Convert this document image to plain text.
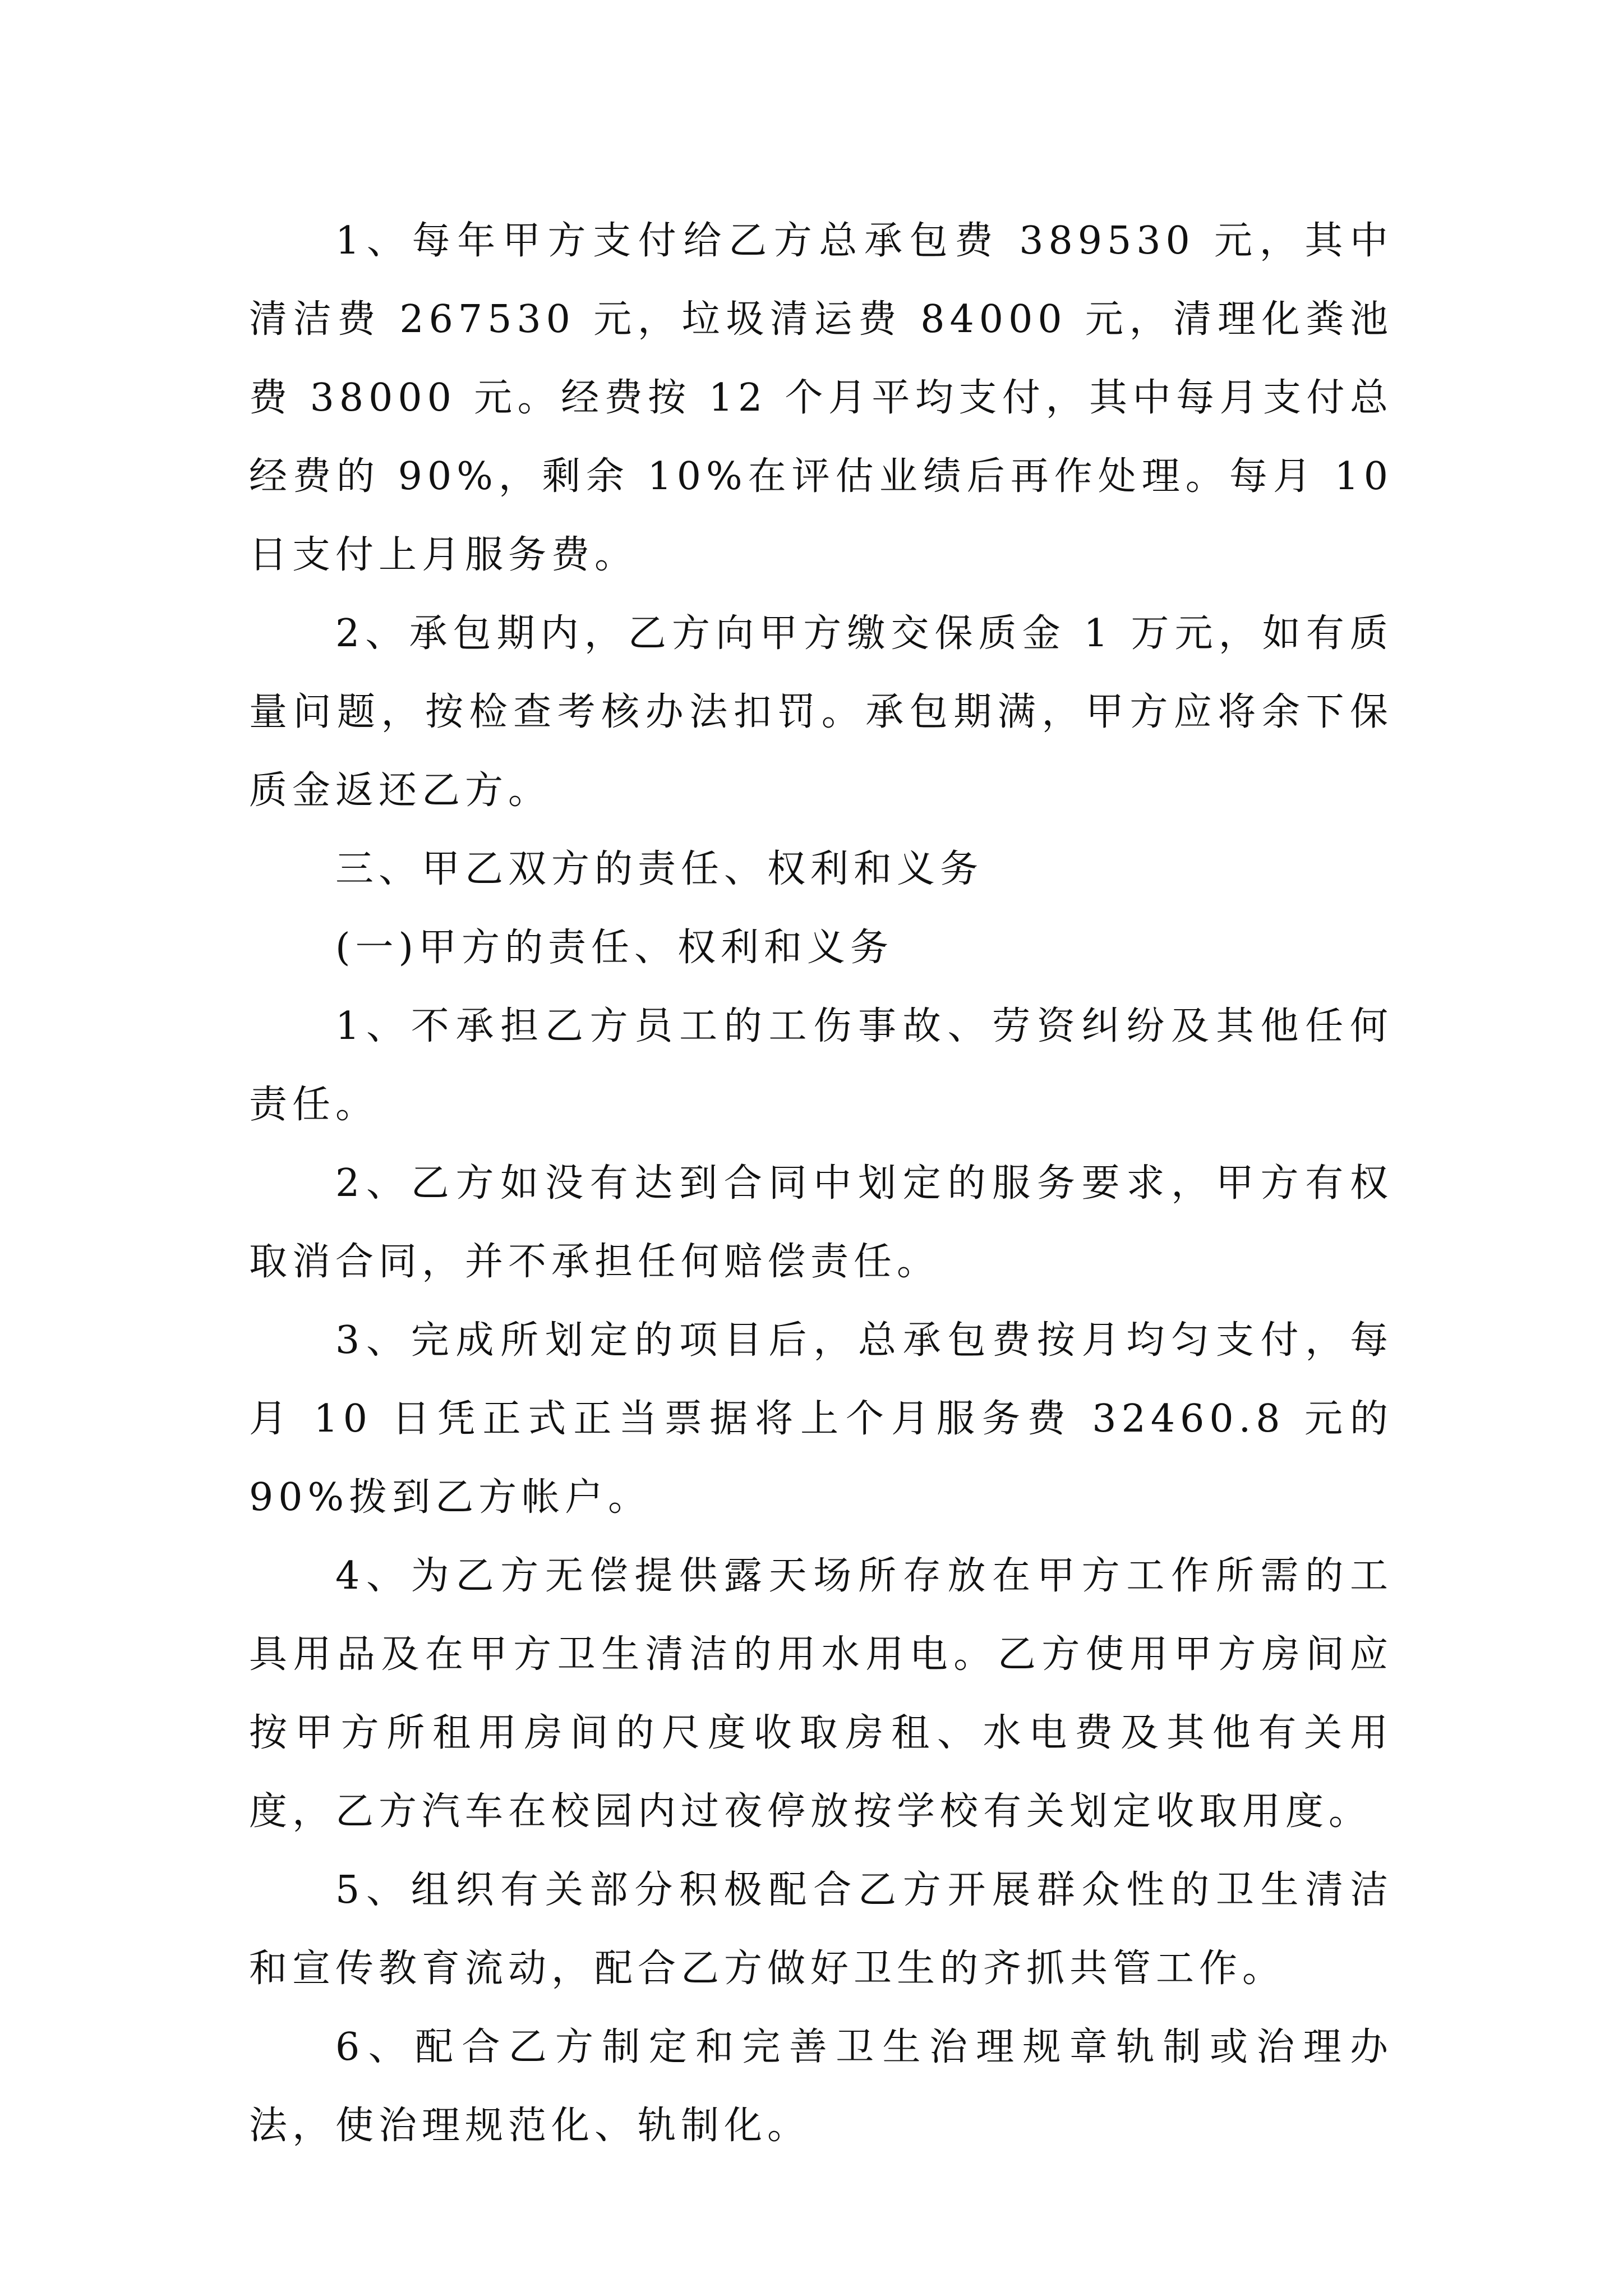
1、每年甲方支付给乙方总承包费 389530 元，其中清洁费 267530 元，垃圾清运费 84000 元，清理化粪池费 38000 元。经费按 12 个月平均支付，其中每月支付总经费的 90%，剩余 10%在评估业绩后再作处理。每月 10 日支付上月服务费。

2、承包期内，乙方向甲方缴交保质金 1 万元，如有质量问题，按检查考核办法扣罚。承包期满，甲方应将余下保质金返还乙方。

三、甲乙双方的责任、权利和义务

(一)甲方的责任、权利和义务

1、不承担乙方员工的工伤事故、劳资纠纷及其他任何责任。

2、乙方如没有达到合同中划定的服务要求，甲方有权取消合同，并不承担任何赔偿责任。

3、完成所划定的项目后，总承包费按月均匀支付，每月 10 日凭正式正当票据将上个月服务费 32460.8 元的 90%拨到乙方帐户。

4、为乙方无偿提供露天场所存放在甲方工作所需的工具用品及在甲方卫生清洁的用水用电。乙方使用甲方房间应按甲方所租用房间的尺度收取房租、水电费及其他有关用度，乙方汽车在校园内过夜停放按学校有关划定收取用度。

5、组织有关部分积极配合乙方开展群众性的卫生清洁和宣传教育流动，配合乙方做好卫生的齐抓共管工作。

6、配合乙方制定和完善卫生治理规章轨制或治理办法，使治理规范化、轨制化。
